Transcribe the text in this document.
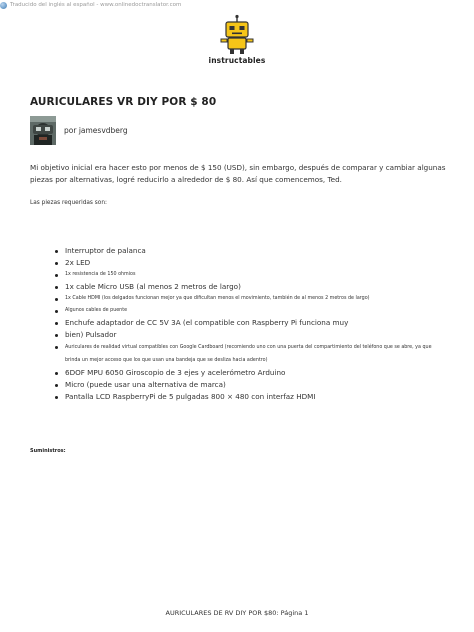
Traducido del inglés al español - www.onlinedoctranslator.com
instructables
AURICULARES VR DIY POR $ 80
por jamesvdberg

Mi objetivo inicial era hacer esto por menos de $ 150 (USD), sin embargo, después de comparar y cambiar algunas piezas por alternativas, logré reducirlo a alrededor de $ 80. Así que comencemos, Ted.

Las piezas requeridas son:

Interruptor de palanca
2x LED
1x resistencia de 150 ohmios
1x cable Micro USB (al menos 2 metros de largo)
1x Cable HDMI (los delgados funcionan mejor ya que dificultan menos el movimiento, también de al menos 2 metros de largo)
Algunos cables de puente
Enchufe adaptador de CC 5V 3A (el compatible con Raspberry Pi funciona muy
bien) Pulsador
Auriculares de realidad virtual compatibles con Google Cardboard (recomiendo uno con una puerta del compartimiento del teléfono que se abre, ya que brinda un mejor acceso que los que usan una bandeja que se desliza hacia adentro)
6DOF MPU 6050 Giroscopio de 3 ejes y acelerómetro Arduino
Micro (puede usar una alternativa de marca)
Pantalla LCD RaspberryPi de 5 pulgadas 800 × 480 con interfaz HDMI

Suministros:

AURICULARES DE RV DIY POR $80: Página 1
